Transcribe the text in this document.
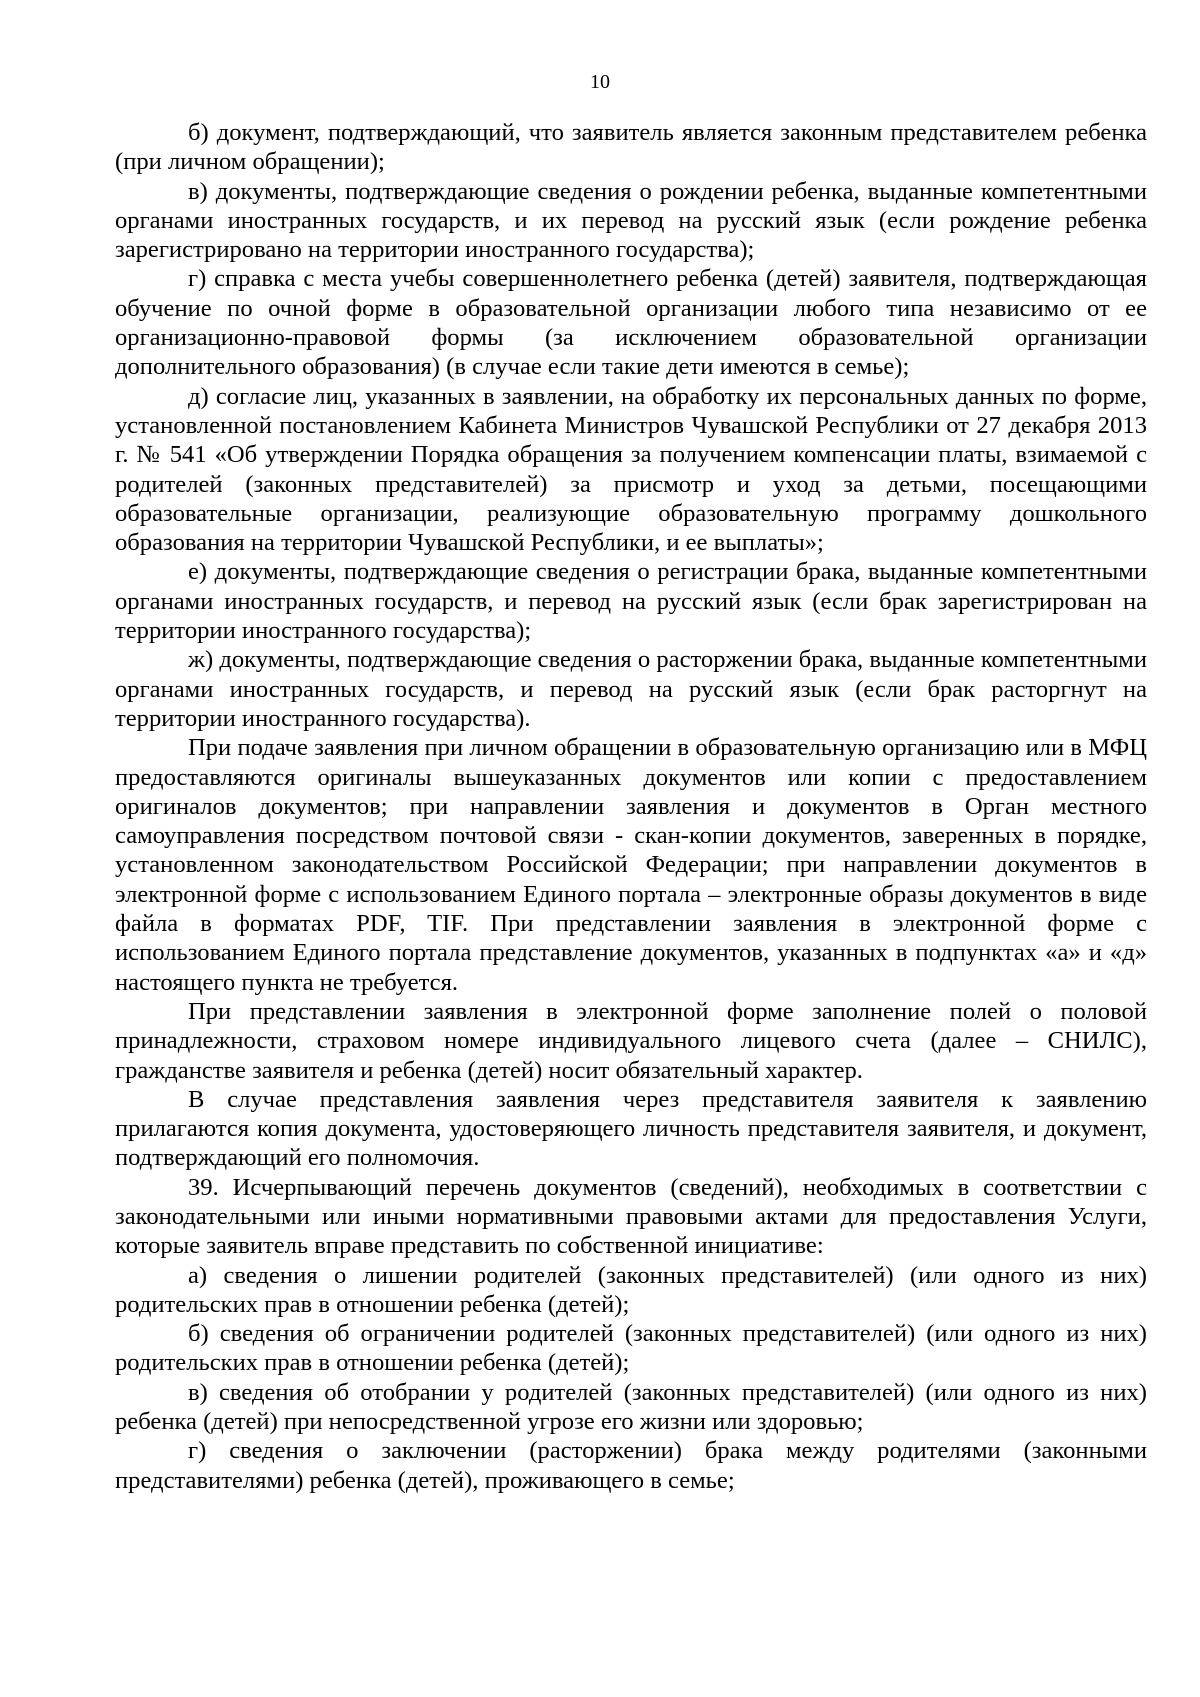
10

б) документ, подтверждающий, что заявитель является законным представителем ребенка (при личном обращении);

в) документы, подтверждающие сведения о рождении ребенка, выданные компетентными органами иностранных государств, и их перевод на русский язык (если рождение ребенка зарегистрировано на территории иностранного государства);

г) справка с места учебы совершеннолетнего ребенка (детей) заявителя, подтверждающая обучение по очной форме в образовательной организации любого типа независимо от ее организационно-правовой формы (за исключением образовательной организации дополнительного образования) (в случае если такие дети имеются в семье);

д) согласие лиц, указанных в заявлении, на обработку их персональных данных по форме, установленной постановлением Кабинета Министров Чувашской Республики от 27 декабря 2013 г. № 541 «Об утверждении Порядка обращения за получением компенсации платы, взимаемой с родителей (законных представителей) за присмотр и уход за детьми, посещающими образовательные организации, реализующие образовательную программу дошкольного образования на территории Чувашской Республики, и ее выплаты»;

е) документы, подтверждающие сведения о регистрации брака, выданные компетентными органами иностранных государств, и перевод на русский язык (если брак зарегистрирован на территории иностранного государства);

ж) документы, подтверждающие сведения о расторжении брака, выданные компетентными органами иностранных государств, и перевод на русский язык (если брак расторгнут на территории иностранного государства).

При подаче заявления при личном обращении в образовательную организацию или в МФЦ предоставляются оригиналы вышеуказанных документов или копии с предоставлением оригиналов документов; при направлении заявления и документов в Орган местного самоуправления посредством почтовой связи - скан-копии документов, заверенных в порядке, установленном законодательством Российской Федерации; при направлении документов в электронной форме с использованием Единого портала – электронные образы документов в виде файла в форматах PDF, TIF. При представлении заявления в электронной форме с использованием Единого портала представление документов, указанных в подпунктах «а» и «д» настоящего пункта не требуется.

При представлении заявления в электронной форме заполнение полей о половой принадлежности, страховом номере индивидуального лицевого счета (далее – СНИЛС), гражданстве заявителя и ребенка (детей) носит обязательный характер.

В случае представления заявления через представителя заявителя к заявлению прилагаются копия документа, удостоверяющего личность представителя заявителя, и документ, подтверждающий его полномочия.

39. Исчерпывающий перечень документов (сведений), необходимых в соответствии с законодательными или иными нормативными правовыми актами для предоставления Услуги, которые заявитель вправе представить по собственной инициативе:

а) сведения о лишении родителей (законных представителей) (или одного из них) родительских прав в отношении ребенка (детей);

б) сведения об ограничении родителей (законных представителей) (или одного из них) родительских прав в отношении ребенка (детей);

в) сведения об отобрании у родителей (законных представителей) (или одного из них) ребенка (детей) при непосредственной угрозе его жизни или здоровью;

г) сведения о заключении (расторжении) брака между родителями (законными представителями) ребенка (детей), проживающего в семье;
